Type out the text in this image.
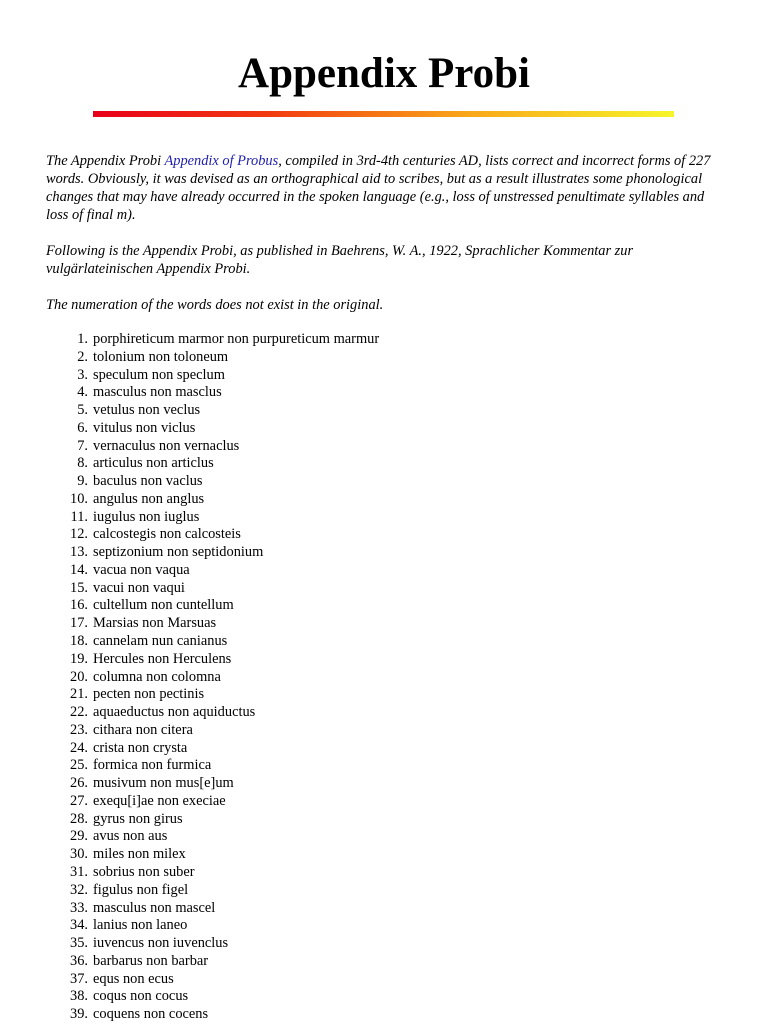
Appendix Probi

The Appendix Probi Appendix of Probus, compiled in 3rd-4th centuries AD, lists correct and incorrect forms of 227 words. Obviously, it was devised as an orthographical aid to scribes, but as a result illustrates some phonological changes that may have already occurred in the spoken language (e.g., loss of unstressed penultimate syllables and loss of final m).

Following is the Appendix Probi, as published in Baehrens, W. A., 1922, Sprachlicher Kommentar zur vulgärlateinischen Appendix Probi.

The numeration of the words does not exist in the original.

1. porphireticum marmor non purpureticum marmur
2. tolonium non toloneum
3. speculum non speclum
4. masculus non masclus
5. vetulus non veclus
6. vitulus non viclus
7. vernaculus non vernaclus
8. articulus non articlus
9. baculus non vaclus
10. angulus non anglus
11. iugulus non iuglus
12. calcostegis non calcosteis
13. septizonium non septidonium
14. vacua non vaqua
15. vacui non vaqui
16. cultellum non cuntellum
17. Marsias non Marsuas
18. cannelam nun canianus
19. Hercules non Herculens
20. columna non colomna
21. pecten non pectinis
22. aquaeductus non aquiductus
23. cithara non citera
24. crista non crysta
25. formica non furmica
26. musivum non mus[e]um
27. exequ[i]ae non execiae
28. gyrus non girus
29. avus non aus
30. miles non milex
31. sobrius non suber
32. figulus non figel
33. masculus non mascel
34. lanius non laneo
35. iuvencus non iuvenclus
36. barbarus non barbar
37. equs non ecus
38. coqus non cocus
39. coquens non cocens
